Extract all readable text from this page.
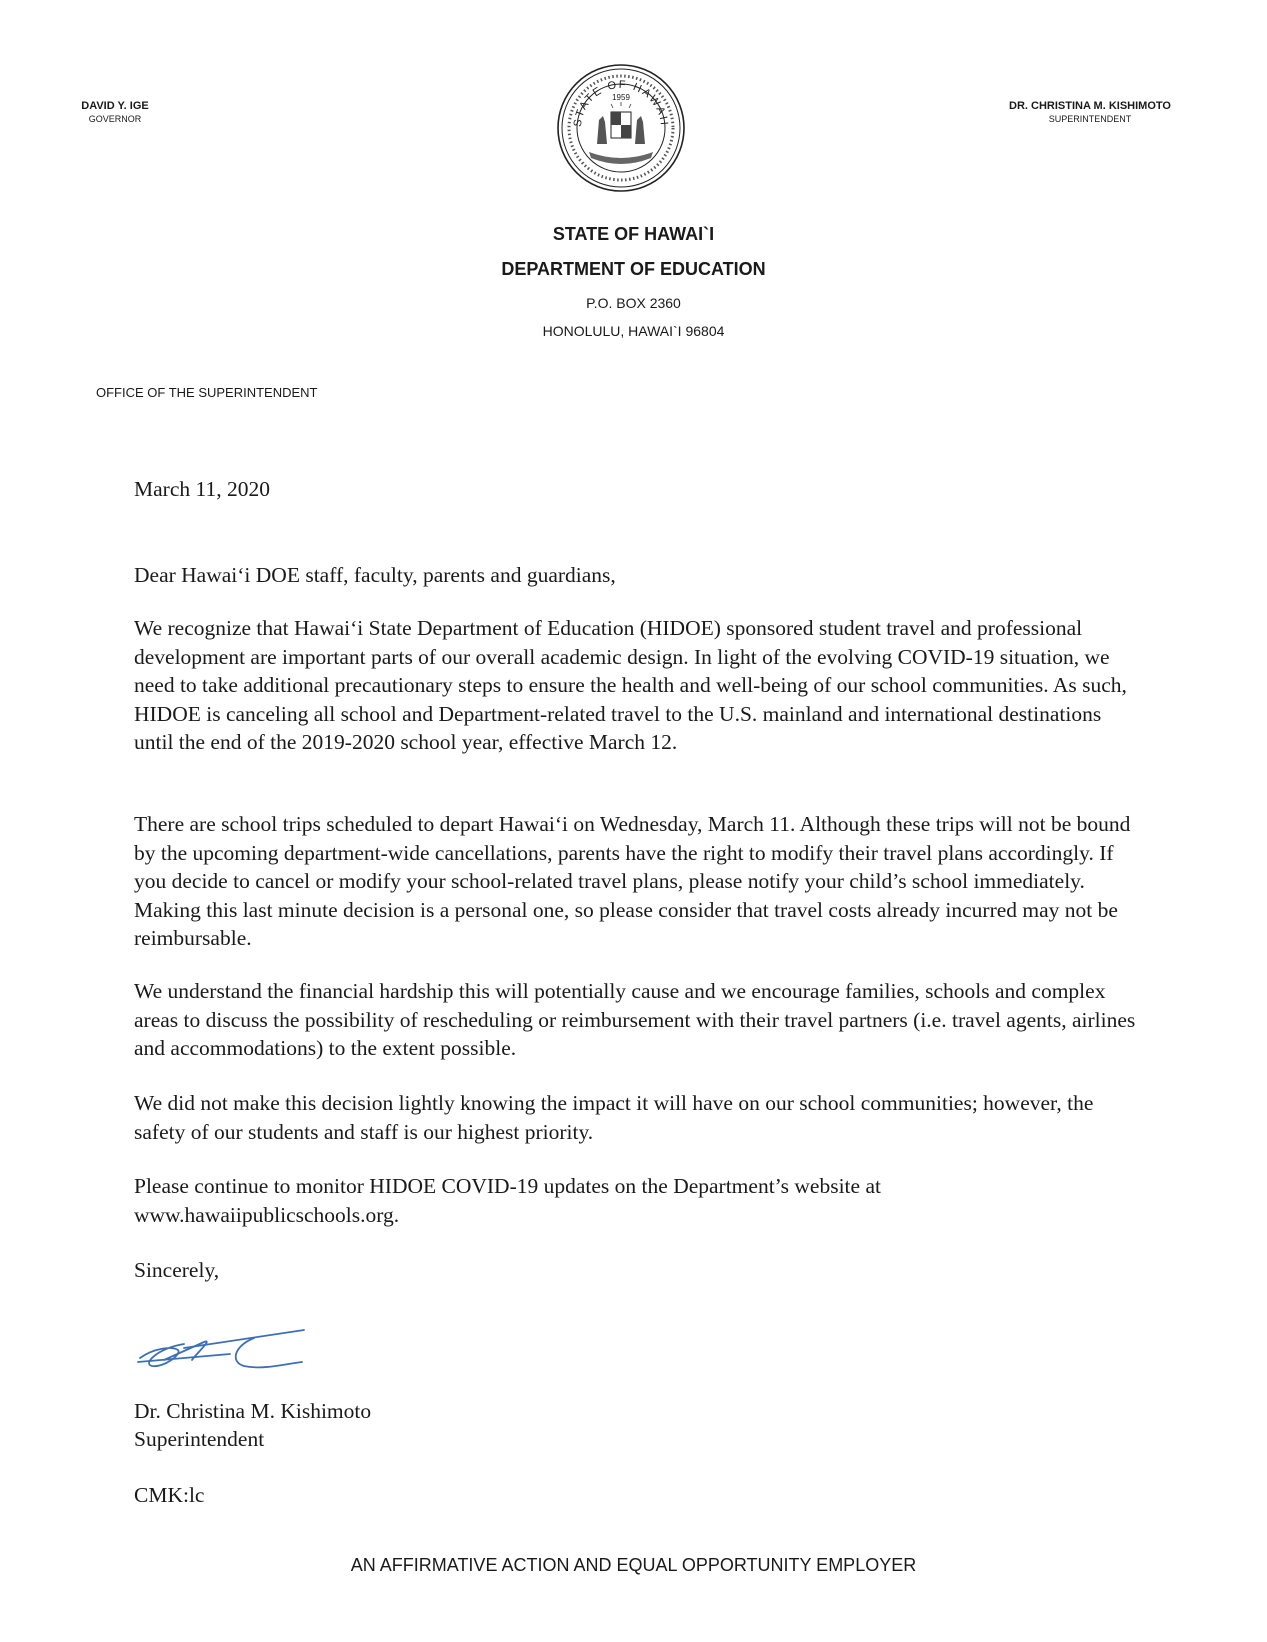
DAVID Y. IGE
GOVERNOR
DR. CHRISTINA M. KISHIMOTO
SUPERINTENDENT
STATE OF HAWAII
1959
STATE OF HAWAI`I
DEPARTMENT OF EDUCATION
P.O. BOX 2360
HONOLULU, HAWAI`I 96804
OFFICE OF THE SUPERINTENDENT
March 11, 2020
Dear Hawai‘i DOE staff, faculty, parents and guardians,
We recognize that Hawai‘i State Department of Education (HIDOE) sponsored student travel and professional development are important parts of our overall academic design. In light of the evolving COVID-19 situation, we need to take additional precautionary steps to ensure the health and well-being of our school communities. As such, HIDOE is canceling all school and Department-related travel to the U.S. mainland and international destinations until the end of the 2019-2020 school year, effective March 12.
There are school trips scheduled to depart Hawai‘i on Wednesday, March 11. Although these trips will not be bound by the upcoming department-wide cancellations, parents have the right to modify their travel plans accordingly. If you decide to cancel or modify your school-related travel plans, please notify your child’s school immediately. Making this last minute decision is a personal one, so please consider that travel costs already incurred may not be reimbursable.
We understand the financial hardship this will potentially cause and we encourage families, schools and complex areas to discuss the possibility of rescheduling or reimbursement with their travel partners (i.e. travel agents, airlines and accommodations) to the extent possible.
We did not make this decision lightly knowing the impact it will have on our school communities; however, the safety of our students and staff is our highest priority.
Please continue to monitor HIDOE COVID-19 updates on the Department’s website at www.hawaiipublicschools.org.
Sincerely,
Dr. Christina M. Kishimoto
Superintendent
CMK:lc
AN AFFIRMATIVE ACTION AND EQUAL OPPORTUNITY EMPLOYER
